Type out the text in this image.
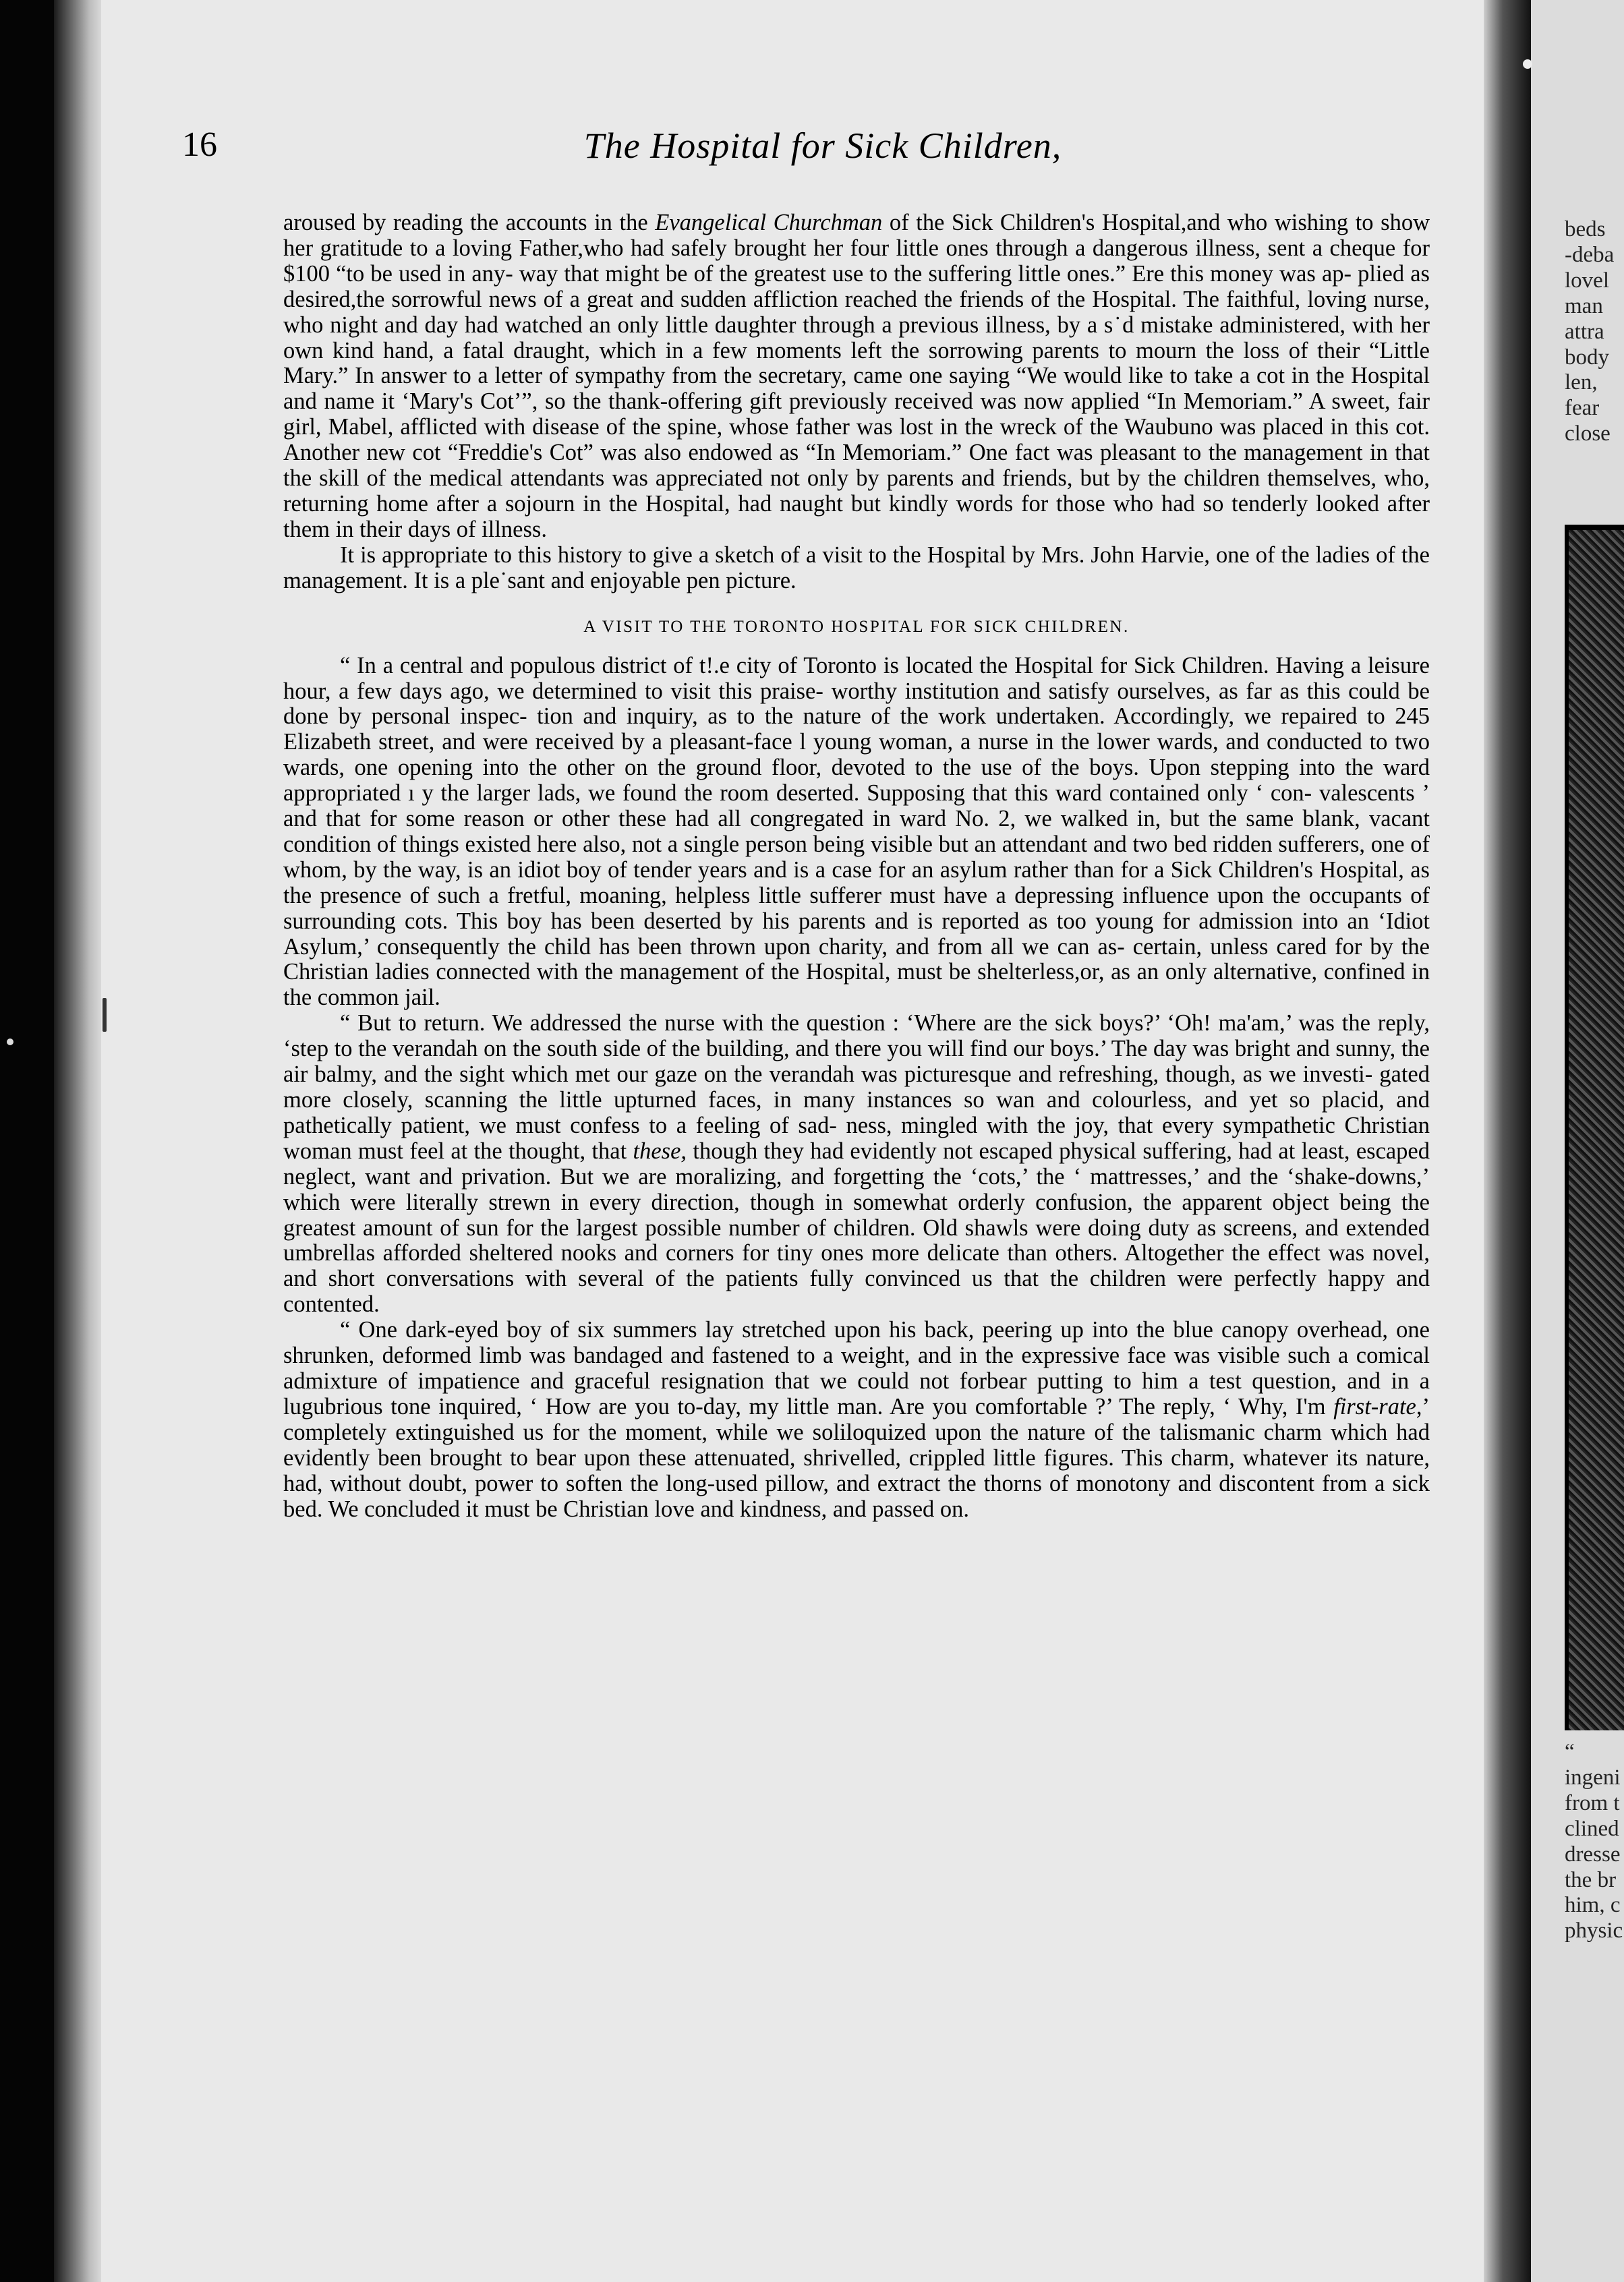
16	The Hospital for Sick Children,

aroused by reading the accounts in the Evangelical Churchman of the Sick Children's Hospital,and who wishing to show her gratitude to a loving Father,who had safely brought her four little ones through a dangerous illness, sent a cheque for $100 “to be used in any- way that might be of the greatest use to the suffering little ones.” Ere this money was ap- plied as desired,the sorrowful news of a great and sudden affliction reached the friends of the Hospital. The faithful, loving nurse, who night and day had watched an only little daughter through a previous illness, by a s˙d mistake administered, with her own kind hand, a fatal draught, which in a few moments left the sorrowing parents to mourn the loss of their “Little Mary.” In answer to a letter of sympathy from the secretary, came one saying “We would like to take a cot in the Hospital and name it ‘Mary's Cot’”, so the thank-offering gift previously received was now applied “In Memoriam.” A sweet, fair girl, Mabel, afflicted with disease of the spine, whose father was lost in the wreck of the Waubuno was placed in this cot. Another new cot “Freddie's Cot” was also endowed as “In Memoriam.” One fact was pleasant to the management in that the skill of the medical attendants was appreciated not only by parents and friends, but by the children themselves, who, returning home after a sojourn in the Hospital, had naught but kindly words for those who had so tenderly looked after them in their days of illness.

It is appropriate to this history to give a sketch of a visit to the Hospital by Mrs. John Harvie, one of the ladies of the management. It is a ple˙sant and enjoyable pen picture.

A VISIT TO THE TORONTO HOSPITAL FOR SICK CHILDREN.

“ In a central and populous district of t!.e city of Toronto is located the Hospital for Sick Children. Having a leisure hour, a few days ago, we determined to visit this praise- worthy institution and satisfy ourselves, as far as this could be done by personal inspec- tion and inquiry, as to the nature of the work undertaken. Accordingly, we repaired to 245 Elizabeth street, and were received by a pleasant-face l young woman, a nurse in the lower wards, and conducted to two wards, one opening into the other on the ground floor, devoted to the use of the boys. Upon stepping into the ward appropriated ı y the larger lads, we found the room deserted. Supposing that this ward contained only ‘ con- valescents ’ and that for some reason or other these had all congregated in ward No. 2, we walked in, but the same blank, vacant condition of things existed here also, not a single person being visible but an attendant and two bed ridden sufferers, one of whom, by the way, is an idiot boy of tender years and is a case for an asylum rather than for a Sick Children's Hospital, as the presence of such a fretful, moaning, helpless little sufferer must have a depressing influence upon the occupants of surrounding cots. This boy has been deserted by his parents and is reported as too young for admission into an ‘Idiot Asylum,’ consequently the child has been thrown upon charity, and from all we can as- certain, unless cared for by the Christian ladies connected with the management of the Hospital, must be shelterless,or, as an only alternative, confined in the common jail.

“ But to return. We addressed the nurse with the question : ‘Where are the sick boys?’ ‘Oh! ma'am,’ was the reply, ‘step to the verandah on the south side of the building, and there you will find our boys.’ The day was bright and sunny, the air balmy, and the sight which met our gaze on the verandah was picturesque and refreshing, though, as we investi- gated more closely, scanning the little upturned faces, in many instances so wan and colourless, and yet so placid, and pathetically patient, we must confess to a feeling of sad- ness, mingled with the joy, that every sympathetic Christian woman must feel at the thought, that these, though they had evidently not escaped physical suffering, had at least, escaped neglect, want and privation. But we are moralizing, and forgetting the ‘cots,’ the ‘ mattresses,’ and the ‘shake-downs,’ which were literally strewn in every direction, though in somewhat orderly confusion, the apparent object being the greatest amount of sun for the largest possible number of children. Old shawls were doing duty as screens, and extended umbrellas afforded sheltered nooks and corners for tiny ones more delicate than others. Altogether the effect was novel, and short conversations with several of the patients fully convinced us that the children were perfectly happy and contented.

“ One dark-eyed boy of six summers lay stretched upon his back, peering up into the blue canopy overhead, one shrunken, deformed limb was bandaged and fastened to a weight, and in the expressive face was visible such a comical admixture of impatience and graceful resignation that we could not forbear putting to him a test question, and in a lugubrious tone inquired, ‘ How are you to-day, my little man. Are you comfortable ?’ The reply, ‘ Why, I'm first-rate,’ completely extinguished us for the moment, while we soliloquized upon the nature of the talismanic charm which had evidently been brought to bear upon these attenuated, shrivelled, crippled little figures. This charm, whatever its nature, had, without doubt, power to soften the long-used pillow, and extract the thorns of monotony and discontent from a sick bed. We concluded it must be Christian love and kindness, and passed on.

beds
-deba
lovel
man
attra
body
len,
fear
close
“
ingeni
from t
clined
dresse
the br
him, c
physic
